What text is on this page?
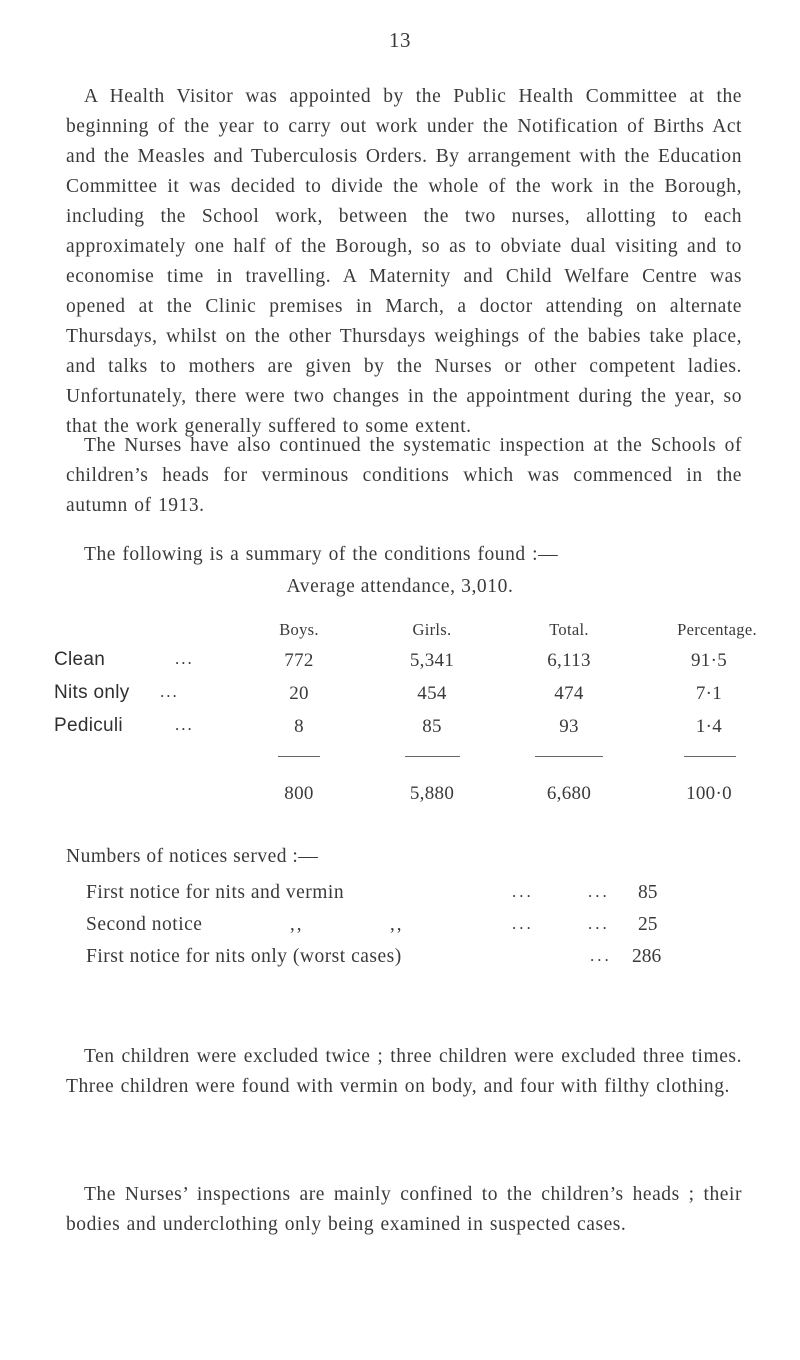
13

A Health Visitor was appointed by the Public Health Committee at the beginning of the year to carry out work under the Notification of Births Act and the Measles and Tuberculosis Orders. By arrangement with the Education Committee it was decided to divide the whole of the work in the Borough, including the School work, between the two nurses, allotting to each approximately one half of the Borough, so as to obviate dual visiting and to economise time in travelling. A Maternity and Child Welfare Centre was opened at the Clinic premises in March, a doctor attending on alternate Thursdays, whilst on the other Thursdays weighings of the babies take place, and talks to mothers are given by the Nurses or other competent ladies. Unfortunately, there were two changes in the appointment during the year, so that the work generally suffered to some extent.

The Nurses have also continued the systematic inspection at the Schools of children’s heads for verminous conditions which was commenced in the autumn of 1913.

The following is a summary of the conditions found :—

Average attendance, 3,010.
Boys.	Girls.	Total.	Percentage.
Clean	...	772	5,341	6,113	91·5
Nits only ...	20	454	474	7·1
Pediculi	...	8	85	93	1·4
800	5,880	6,680	100·0
Numbers of notices served :—
First notice for nits and vermin	...	... 85
Second notice	,,	,,	...	... 25
First notice for nits only (worst cases)	... 286

Ten children were excluded twice ; three children were excluded three times. Three children were found with vermin on body, and four with filthy clothing.

The Nurses’ inspections are mainly confined to the children’s heads ; their bodies and underclothing only being examined in suspected cases.
